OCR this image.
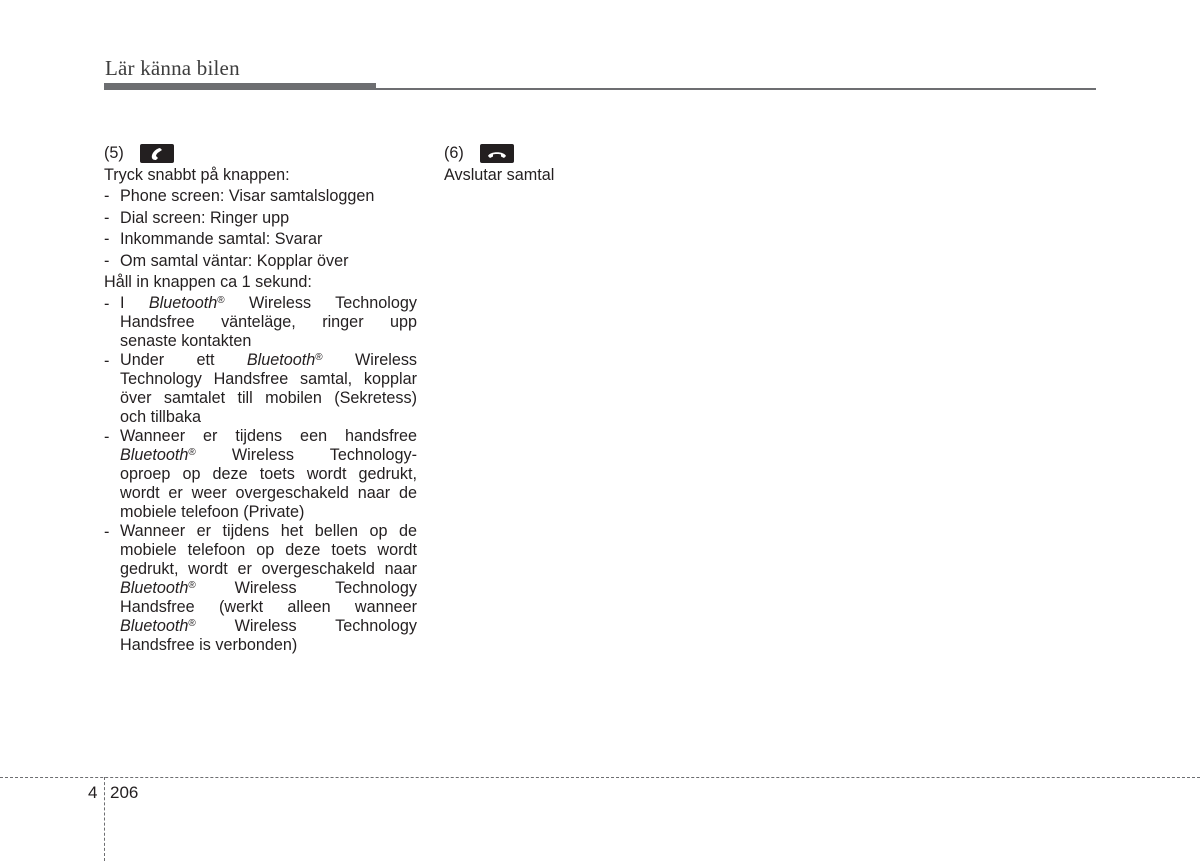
Lär känna bilen
(5)
Tryck snabbt på knappen:
- Phone screen: Visar samtalsloggen
- Dial screen: Ringer upp
- Inkommande samtal: Svarar
- Om samtal väntar: Kopplar över
Håll in knappen ca 1 sekund:
- I Bluetooth® Wireless Technology
Handsfree vänteläge, ringer upp
senaste kontakten
- Under ett Bluetooth® Wireless
Technology Handsfree samtal, kopplar
över samtalet till mobilen (Sekretess)
och tillbaka
- Wanneer er tijdens een handsfree
Bluetooth® Wireless Technology-
oproep op deze toets wordt gedrukt,
wordt er weer overgeschakeld naar de
mobiele telefoon (Private)
- Wanneer er tijdens het bellen op de
mobiele telefoon op deze toets wordt
gedrukt, wordt er overgeschakeld naar
Bluetooth® Wireless Technology
Handsfree (werkt alleen wanneer
Bluetooth® Wireless Technology
Handsfree is verbonden)
(6)
Avslutar samtal
4 206
